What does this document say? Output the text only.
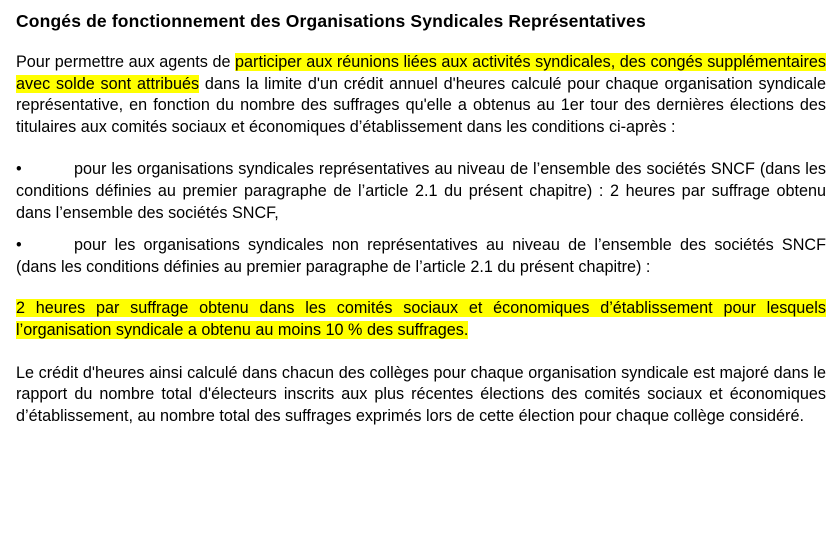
Congés de fonctionnement des Organisations Syndicales Représentatives

Pour permettre aux agents de participer aux réunions liées aux activités syndicales, des congés supplémentaires avec solde sont attribués dans la limite d'un crédit annuel d'heures calculé pour chaque organisation syndicale représentative, en fonction du nombre des suffrages qu'elle a obtenus au 1er tour des dernières élections des titulaires aux comités sociaux et économiques d’établissement dans les conditions ci-après :

•	pour les organisations syndicales représentatives au niveau de l’ensemble des sociétés SNCF (dans les conditions définies au premier paragraphe de l’article 2.1 du présent chapitre) : 2 heures par suffrage obtenu dans l’ensemble des sociétés SNCF,

•	pour les organisations syndicales non représentatives au niveau de l’ensemble des sociétés SNCF (dans les conditions définies au premier paragraphe de l’article 2.1 du présent chapitre) :

2 heures par suffrage obtenu dans les comités sociaux et économiques d’établissement pour lesquels l’organisation syndicale a obtenu au moins 10 % des suffrages.

Le crédit d'heures ainsi calculé dans chacun des collèges pour chaque organisation syndicale est majoré dans le rapport du nombre total d'électeurs inscrits aux plus récentes élections des comités sociaux et économiques d’établissement, au nombre total des suffrages exprimés lors de cette élection pour chaque collège considéré.
